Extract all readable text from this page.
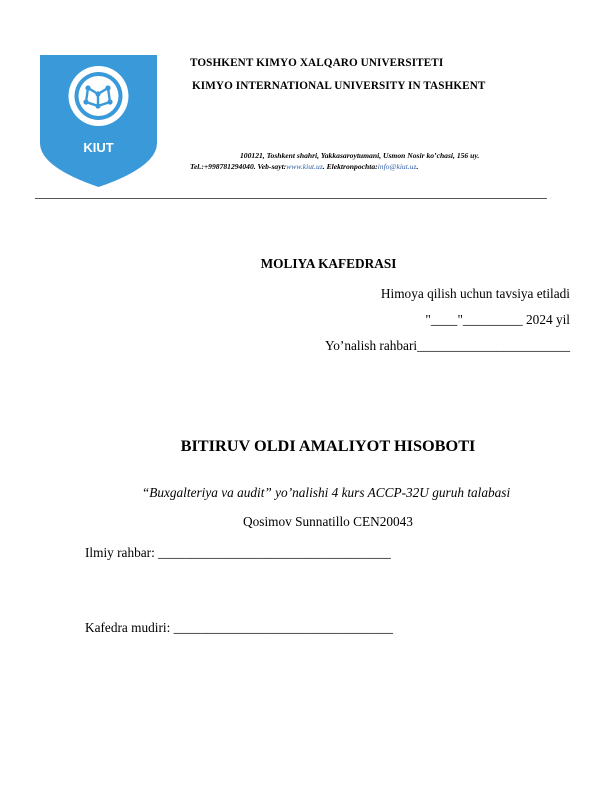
KIUT
TOSHKENT KIMYO XALQARO UNIVERSITETI
KIMYO INTERNATIONAL UNIVERSITY IN TASHKENT
100121, Toshkent shahri, Yakkasaroytumani, Usmon Nosir ko’chasi, 156 uy.
Tel.:+998781294040. Veb-sayt:www.kiut.uz. Elektronpochta:info@kiut.uz.
MOLIYA KAFEDRASI
Himoya qilish uchun tavsiya etiladi
"____"_________ 2024 yil
Yo’nalish rahbari_______________________
BITIRUV OLDI AMALIYOT HISOBOTI
“Buxgalteriya va audit” yo’nalishi 4 kurs ACCP-32U guruh talabasi
Qosimov Sunnatillo CEN20043
Ilmiy rahbar: ___________________________________
Kafedra mudiri: _________________________________
